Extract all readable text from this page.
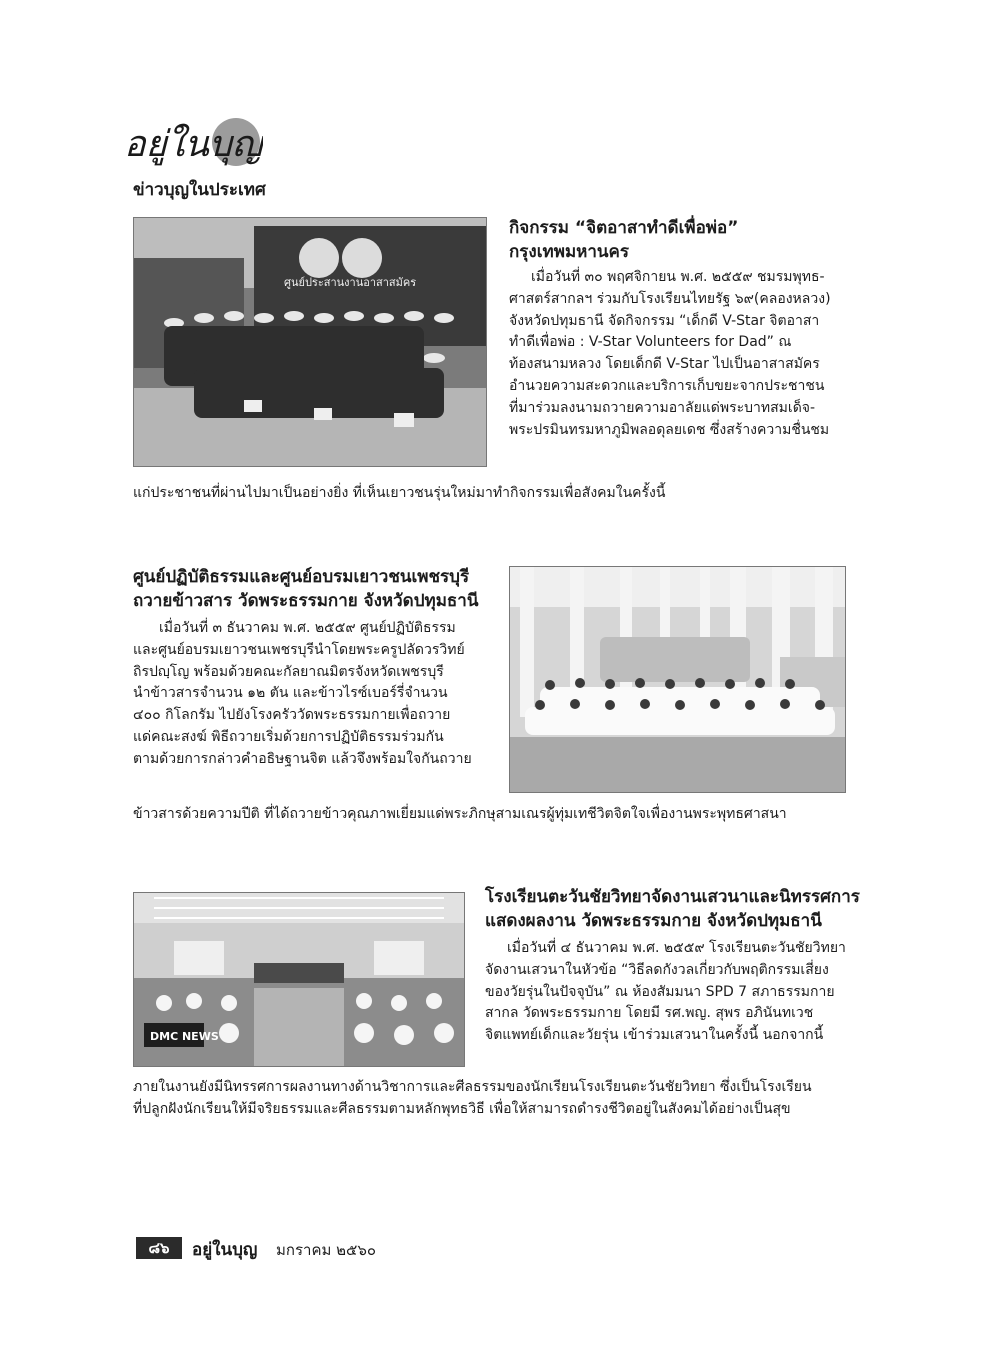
อยู่ในบุญ
ข่าวบุญในประเทศ
ศูนย์ประสานงานอาสาสมัคร
กิจกรรม “จิตอาสาทำดีเพื่อพ่อ”
กรุงเทพมหานคร
เมื่อวันที่ ๓๐ พฤศจิกายน พ.ศ. ๒๕๕๙ ชมรมพุทธ-
ศาสตร์สากลฯ ร่วมกับโรงเรียนไทยรัฐ ๖๙(คลองหลวง)
จังหวัดปทุมธานี จัดกิจกรรม “เด็กดี V-Star จิตอาสา
ทำดีเพื่อพ่อ : V-Star Volunteers for Dad” ณ
ท้องสนามหลวง โดยเด็กดี V-Star ไปเป็นอาสาสมัคร
อำนวยความสะดวกและบริการเก็บขยะจากประชาชน
ที่มาร่วมลงนามถวายความอาลัยแด่พระบาทสมเด็จ-
พระปรมินทรมหาภูมิพลอดุลยเดช ซึ่งสร้างความชื่นชม
แก่ประชาชนที่ผ่านไปมาเป็นอย่างยิ่ง ที่เห็นเยาวชนรุ่นใหม่มาทำกิจกรรมเพื่อสังคมในครั้งนี้
ศูนย์ปฏิบัติธรรมและศูนย์อบรมเยาวชนเพชรบุรี
ถวายข้าวสาร วัดพระธรรมกาย จังหวัดปทุมธานี
เมื่อวันที่ ๓ ธันวาคม พ.ศ. ๒๕๕๙ ศูนย์ปฏิบัติธรรม
และศูนย์อบรมเยาวชนเพชรบุรีนำโดยพระครูปลัดวรวิทย์
ถิรปญฺโญ พร้อมด้วยคณะกัลยาณมิตรจังหวัดเพชรบุรี
นำข้าวสารจำนวน ๑๒ ตัน และข้าวไรซ์เบอร์รี่จำนวน
๔๐๐ กิโลกรัม ไปยังโรงครัววัดพระธรรมกายเพื่อถวาย
แด่คณะสงฆ์ พิธีถวายเริ่มด้วยการปฏิบัติธรรมร่วมกัน
ตามด้วยการกล่าวคำอธิษฐานจิต แล้วจึงพร้อมใจกันถวาย
ข้าวสารด้วยความปีติ ที่ได้ถวายข้าวคุณภาพเยี่ยมแด่พระภิกษุสามเณรผู้ทุ่มเทชีวิตจิตใจเพื่องานพระพุทธศาสนา
DMC NEWS
โรงเรียนตะวันชัยวิทยาจัดงานเสวนาและนิทรรศการ
แสดงผลงาน วัดพระธรรมกาย จังหวัดปทุมธานี
เมื่อวันที่ ๔ ธันวาคม พ.ศ. ๒๕๕๙ โรงเรียนตะวันชัยวิทยา
จัดงานเสวนาในหัวข้อ “วิธีลดกังวลเกี่ยวกับพฤติกรรมเสี่ยง
ของวัยรุ่นในปัจจุบัน” ณ ห้องสัมมนา SPD 7 สภาธรรมกาย
สากล วัดพระธรรมกาย โดยมี รศ.พญ. สุพร อภินันทเวช
จิตแพทย์เด็กและวัยรุ่น เข้าร่วมเสวนาในครั้งนี้ นอกจากนี้
ภายในงานยังมีนิทรรศการผลงานทางด้านวิชาการและศีลธรรมของนักเรียนโรงเรียนตะวันชัยวิทยา ซึ่งเป็นโรงเรียน
ที่ปลูกฝังนักเรียนให้มีจริยธรรมและศีลธรรมตามหลักพุทธวิธี เพื่อให้สามารถดำรงชีวิตอยู่ในสังคมได้อย่างเป็นสุข
๘๖	อยู่ในบุญ มกราคม ๒๕๖๐
